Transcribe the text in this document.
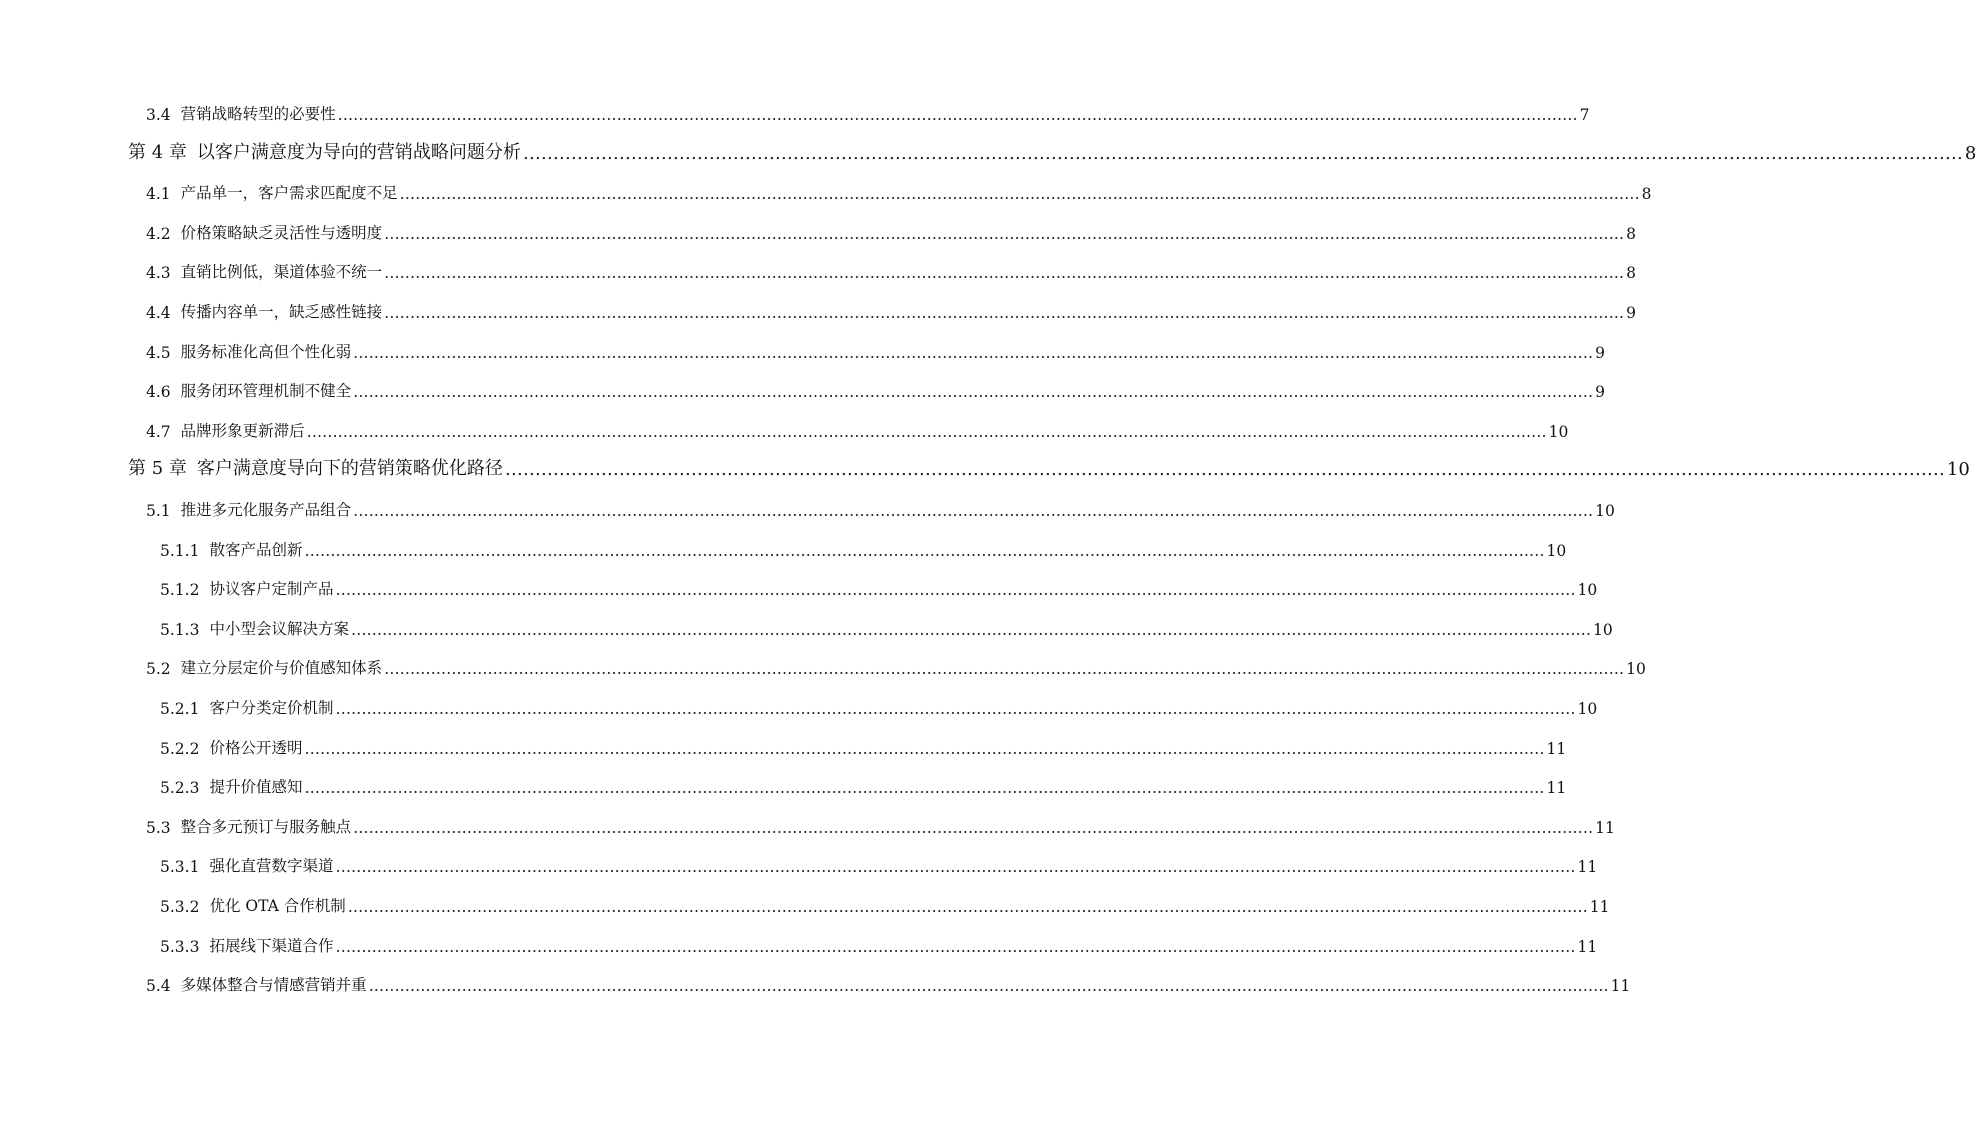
3.4 营销战略转型的必要性 …………………………………………………………………………………………………………………………………………………………………………………………………………………… 7
第 4 章 以客户满意度为导向的营销战略问题分析 …………………………………………………………………………………………………………………………………………………………………………………………………………………… 8
4.1 产品单一，客户需求匹配度不足 …………………………………………………………………………………………………………………………………………………………………………………………………………………… 8
4.2 价格策略缺乏灵活性与透明度 …………………………………………………………………………………………………………………………………………………………………………………………………………………… 8
4.3 直销比例低，渠道体验不统一 …………………………………………………………………………………………………………………………………………………………………………………………………………………… 8
4.4 传播内容单一，缺乏感性链接 …………………………………………………………………………………………………………………………………………………………………………………………………………………… 9
4.5 服务标准化高但个性化弱 …………………………………………………………………………………………………………………………………………………………………………………………………………………… 9
4.6 服务闭环管理机制不健全 …………………………………………………………………………………………………………………………………………………………………………………………………………………… 9
4.7 品牌形象更新滞后 …………………………………………………………………………………………………………………………………………………………………………………………………………………… 10
第 5 章 客户满意度导向下的营销策略优化路径 …………………………………………………………………………………………………………………………………………………………………………………………………………………… 10
5.1 推进多元化服务产品组合 …………………………………………………………………………………………………………………………………………………………………………………………………………………… 10
5.1.1 散客产品创新 …………………………………………………………………………………………………………………………………………………………………………………………………………………… 10
5.1.2 协议客户定制产品 …………………………………………………………………………………………………………………………………………………………………………………………………………………… 10
5.1.3 中小型会议解决方案 …………………………………………………………………………………………………………………………………………………………………………………………………………………… 10
5.2 建立分层定价与价值感知体系 …………………………………………………………………………………………………………………………………………………………………………………………………………………… 10
5.2.1 客户分类定价机制 …………………………………………………………………………………………………………………………………………………………………………………………………………………… 10
5.2.2 价格公开透明 …………………………………………………………………………………………………………………………………………………………………………………………………………………… 11
5.2.3 提升价值感知 …………………………………………………………………………………………………………………………………………………………………………………………………………………… 11
5.3 整合多元预订与服务触点 …………………………………………………………………………………………………………………………………………………………………………………………………………………… 11
5.3.1 强化直营数字渠道 …………………………………………………………………………………………………………………………………………………………………………………………………………………… 11
5.3.2 优化 OTA 合作机制 …………………………………………………………………………………………………………………………………………………………………………………………………………………… 11
5.3.3 拓展线下渠道合作 …………………………………………………………………………………………………………………………………………………………………………………………………………………… 11
5.4 多媒体整合与情感营销并重 …………………………………………………………………………………………………………………………………………………………………………………………………………………… 11
